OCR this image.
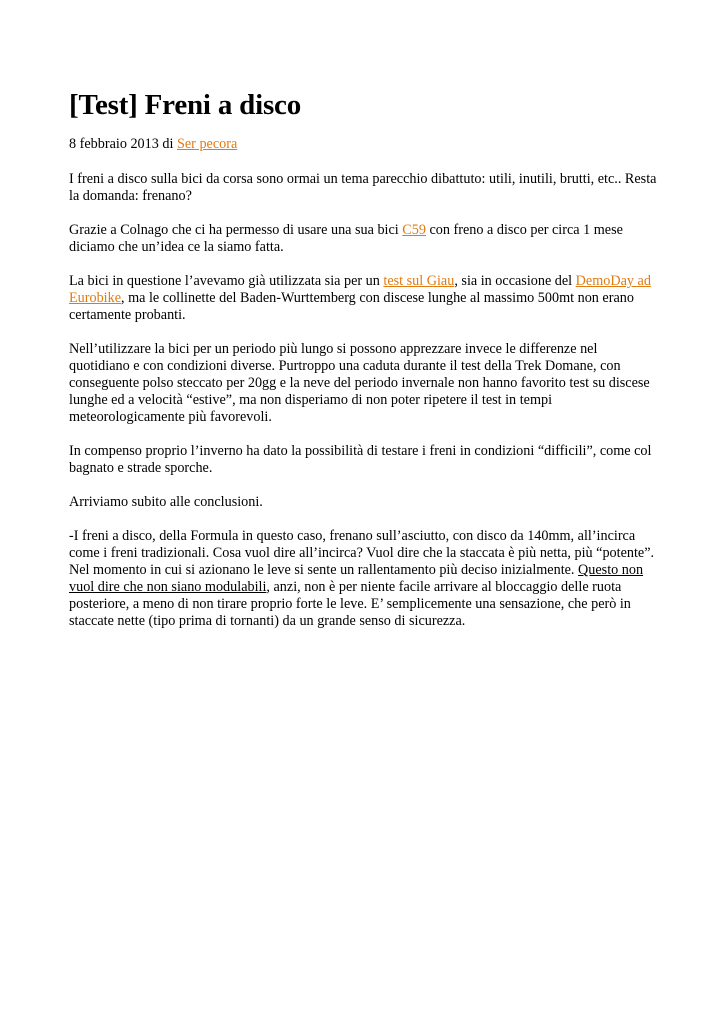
[Test] Freni a disco
8 febbraio 2013 di Ser pecora

I freni a disco sulla bici da corsa sono ormai un tema parecchio dibattuto: utili, inutili, brutti, etc.. Resta la domanda: frenano?

Grazie a Colnago che ci ha permesso di usare una sua bici C59 con freno a disco per circa 1 mese diciamo che un’idea ce la siamo fatta.

La bici in questione l’avevamo già utilizzata sia per un test sul Giau, sia in occasione del DemoDay ad Eurobike, ma le collinette del Baden-Wurttemberg con discese lunghe al massimo 500mt non erano certamente probanti.

Nell’utilizzare la bici per un periodo più lungo si possono apprezzare invece le differenze nel quotidiano e con condizioni diverse. Purtroppo una caduta durante il test della Trek Domane, con conseguente polso steccato per 20gg e la neve del periodo invernale non hanno favorito test su discese lunghe ed a velocità “estive”, ma non disperiamo di non poter ripetere il test in tempi meteorologicamente più favorevoli.

In compenso proprio l’inverno ha dato la possibilità di testare i freni in condizioni “difficili”, come col bagnato e strade sporche.

Arriviamo subito alle conclusioni.

-I freni a disco, della Formula in questo caso, frenano sull’asciutto, con disco da 140mm, all’incirca come i freni tradizionali. Cosa vuol dire all’incirca? Vuol dire che la staccata è più netta, più “potente”. Nel momento in cui si azionano le leve si sente un rallentamento più deciso inizialmente. Questo non vuol dire che non siano modulabili, anzi, non è per niente facile arrivare al bloccaggio delle ruota posteriore, a meno di non tirare proprio forte le leve. E’ semplicemente una sensazione, che però in staccate nette (tipo prima di tornanti) da un grande senso di sicurezza.
